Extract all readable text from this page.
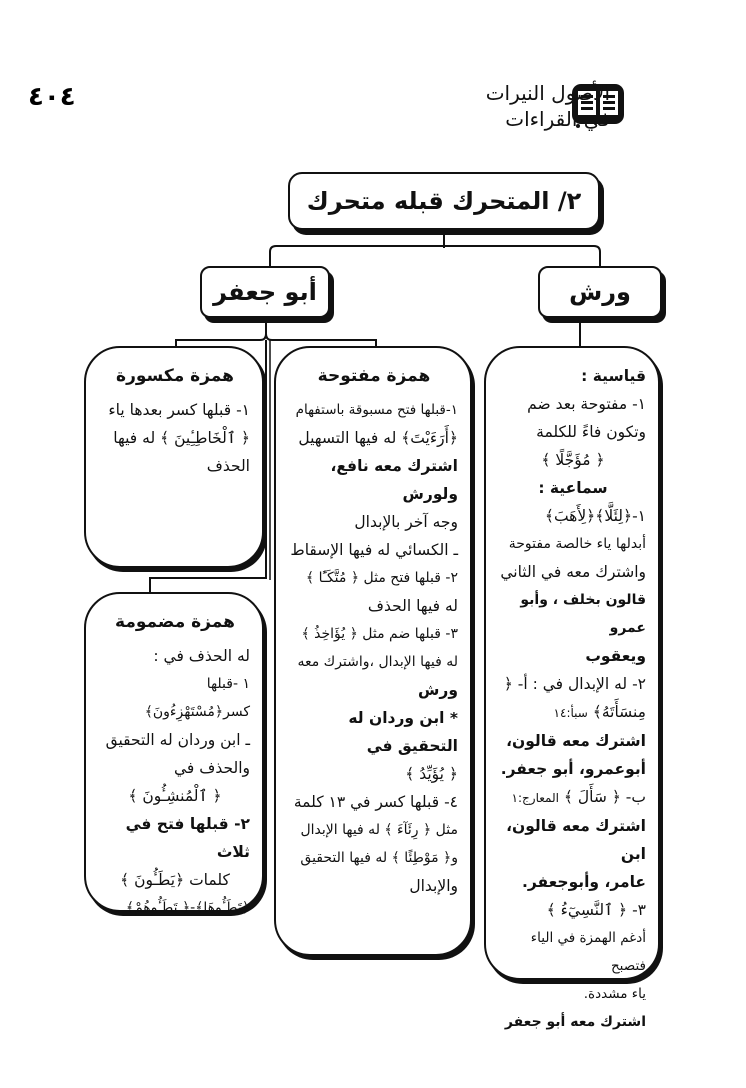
٤٠٤	الأصول النيرات
في القراءات
٢/ المتحرك قبله متحرك
ورش
أبو جعفر

قياسية :

١- مفتوحة بعد ضم

وتكون فاءً للكلمة

﴿ مُؤَجَّلًا ﴾

سماعية :

١-﴿لِئَلَّا﴾﴿لِأَهَبَ﴾

أبدلها ياء خالصة مفتوحة

واشترك معه في الثاني

قالون بخلف ، وأبو عمرو

ويعقوب

٢- له الإبدال في : أ- ﴿

مِنسَأَتَهُ﴾ سبأ:١٤

اشترك معه قالون،

أبوعمرو، أبو جعفر.

ب- ﴿ سَأَلَ ﴾ المعارج:١

اشترك معه قالون، ابن

عامر، وأبوجعفر.

٣- ﴿ ٱلنَّسِيٓءُ ﴾

أدغم الهمزة في الياء فتصبح

ياء مشددة.

اشترك معه أبو جعفر

همزة مفتوحة

١-قبلها فتح مسبوقة باستفهام

﴿أَرَءَيْتَ﴾ له فيها التسهيل

اشترك معه نافع، ولورش

وجه آخر بالإبدال

ـ الكسائي له فيها الإسقاط

٢- قبلها فتح مثل ﴿ مُتَّكَـًٔا ﴾

له فيها الحذف

٣- قبلها ضم مثل ﴿ يُؤَاخِذُ ﴾

له فيها الإبدال ،واشترك معه

ورش

* ابن وردان له التحقيق في

﴿ يُؤَيِّدُ ﴾

٤- قبلها كسر في ١٣ كلمة

مثل ﴿ رِئَآءَ ﴾ له فيها الإبدال

و﴿ مَوْطِئًا ﴾ له فيها التحقيق

والإبدال

همزة مكسورة

١- قبلها كسر بعدها ياء

﴿ ٱلْخَاطِـِٔينَ ﴾ له فيها

الحذف

همزة مضمومة

له الحذف في :

١ -قبلها كسر﴿مُسْتَهْزِءُونَ﴾

ـ ابن وردان له التحقيق

والحذف في

﴿ ٱلْمُنشِـُٔونَ ﴾

٢- قبلها فتح في ثلاث

كلمات ﴿يَطَـُٔونَ ﴾

﴿تَطَـُٔوهَا﴾-﴿ تَطَـُٔوهُمْ﴾
